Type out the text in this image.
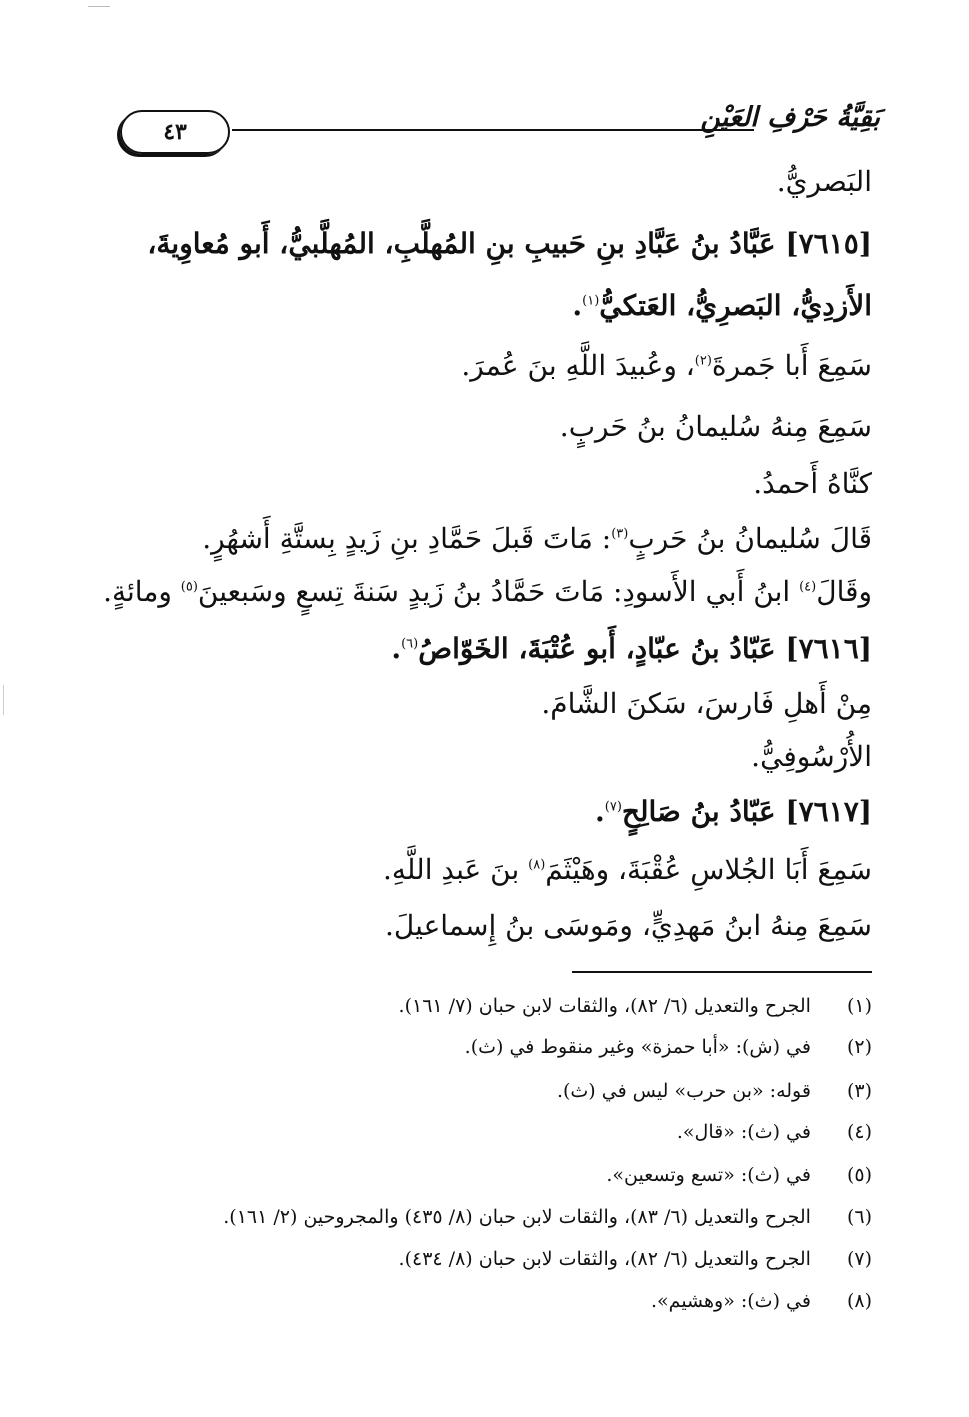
٤٣	بَقِيَّةُ حَرْفِ العَيْنِ
البَصريُّ.
[٧٦١٥] عَبَّادُ بنُ عَبَّادِ بنِ حَبيبِ بنِ المُهلَّبِ، المُهلَّبيُّ، أَبو مُعاوِيةَ،
الأَزدِيُّ، البَصرِيُّ، العَتكيُّ$^{(١)}$.
سَمِعَ أَبا جَمرةَ$^{(٢)}$، وعُبيدَ اللَّهِ بنَ عُمرَ.
سَمِعَ مِنهُ سُليمانُ بنُ حَربٍ.
كنَّاهُ أَحمدُ.
قَالَ سُليمانُ بنُ حَربٍ$^{(٣)}$: مَاتَ قَبلَ حَمَّادِ بنِ زَيدٍ بِستَّةِ أَشهُرٍ.
وقَالَ$^{(٤)}$ ابنُ أَبي الأَسودِ: مَاتَ حَمَّادُ بنُ زَيدٍ سَنةَ تِسعٍ وسَبعينَ$^{(٥)}$ ومائةٍ.
[٧٦١٦] عَبّادُ بنُ عبّادٍ، أَبو عُتْبَةَ، الخَوّاصُ$^{(٦)}$.
مِنْ أَهلِ فَارسَ، سَكنَ الشَّامَ.
الأُرْسُوفِيُّ.
[٧٦١٧] عَبّادُ بنُ صَالِحٍ$^{(٧)}$.
سَمِعَ أَبَا الجُلاسِ عُقْبَةَ، وهَيْثَمَ$^{(٨)}$ بنَ عَبدِ اللَّهِ.
سَمِعَ مِنهُ ابنُ مَهدِيٍّ، ومَوسَى بنُ إِسماعيلَ.
(١) الجرح والتعديل (٦/ ٨٢)، والثقات لابن حبان (٧/ ١٦١).
(٢) في (ش): «أبا حمزة» وغير منقوط في (ث).
(٣) قوله: «بن حرب» ليس في (ث).
(٤) في (ث): «قال».
(٥) في (ث): «تسع وتسعين».
(٦) الجرح والتعديل (٦/ ٨٣)، والثقات لابن حبان (٨/ ٤٣٥) والمجروحين (٢/ ١٦١).
(٧) الجرح والتعديل (٦/ ٨٢)، والثقات لابن حبان (٨/ ٤٣٤).
(٨) في (ث): «وهشيم».
